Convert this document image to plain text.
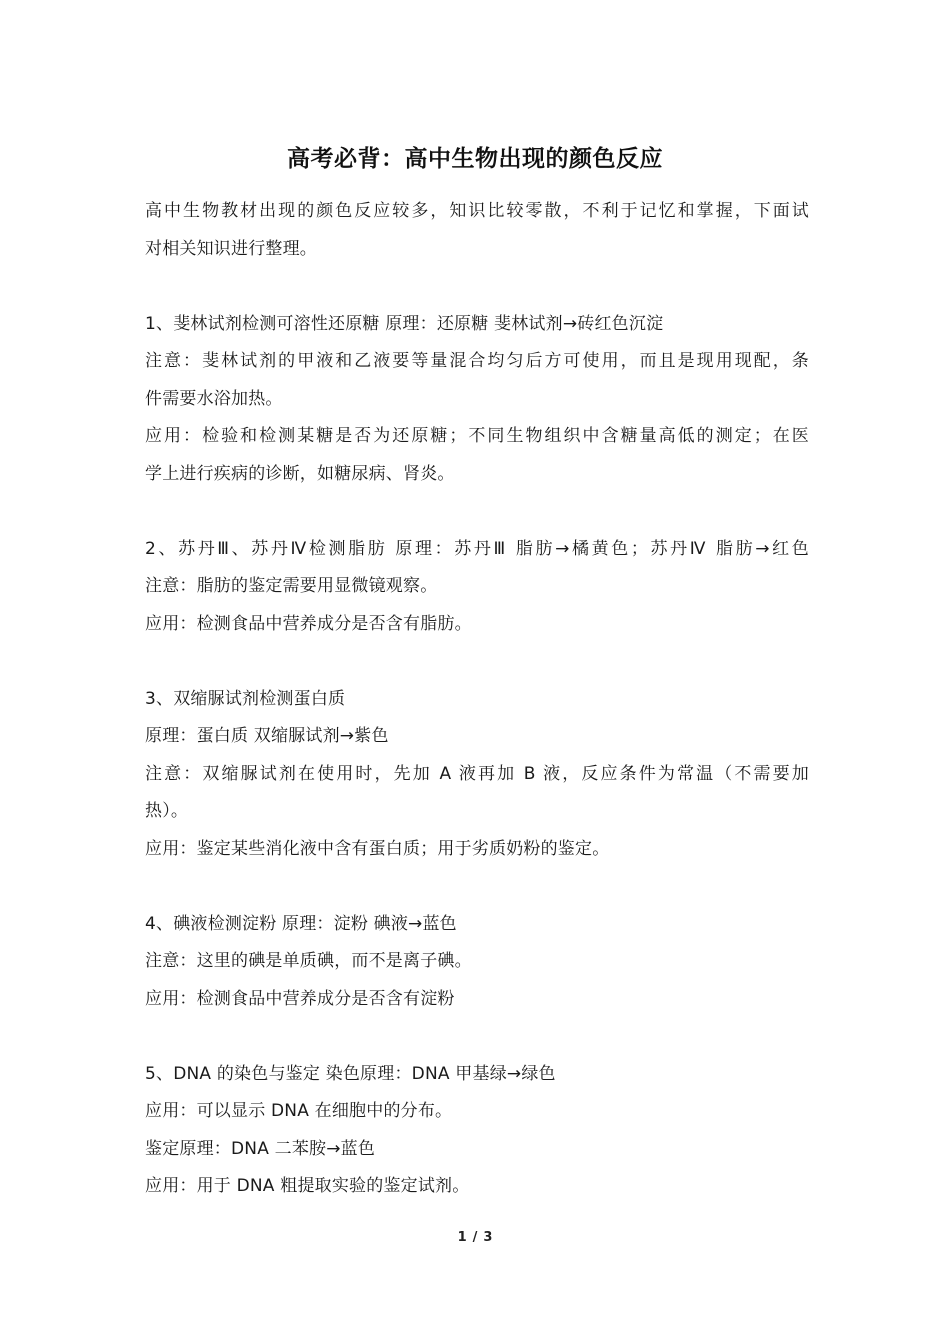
高考必背：高中生物出现的颜色反应
高中生物教材出现的颜色反应较多，知识比较零散，不利于记忆和掌握，下面试
对相关知识进行整理。
1、斐林试剂检测可溶性还原糖 原理：还原糖 斐林试剂→砖红色沉淀
注意：斐林试剂的甲液和乙液要等量混合均匀后方可使用，而且是现用现配，条
件需要水浴加热。
应用：检验和检测某糖是否为还原糖；不同生物组织中含糖量高低的测定；在医
学上进行疾病的诊断，如糖尿病、肾炎。
2、苏丹Ⅲ、苏丹Ⅳ检测脂肪 原理：苏丹Ⅲ 脂肪→橘黄色；苏丹Ⅳ 脂肪→红色
注意：脂肪的鉴定需要用显微镜观察。
应用：检测食品中营养成分是否含有脂肪。
3、双缩脲试剂检测蛋白质
原理：蛋白质 双缩脲试剂→紫色
注意：双缩脲试剂在使用时，先加 A 液再加 B 液，反应条件为常温（不需要加
热）。
应用：鉴定某些消化液中含有蛋白质；用于劣质奶粉的鉴定。
4、碘液检测淀粉 原理：淀粉 碘液→蓝色
注意：这里的碘是单质碘，而不是离子碘。
应用：检测食品中营养成分是否含有淀粉
5、DNA 的染色与鉴定 染色原理：DNA 甲基绿→绿色
应用：可以显示 DNA 在细胞中的分布。
鉴定原理：DNA 二苯胺→蓝色
应用：用于 DNA 粗提取实验的鉴定试剂。
1 / 3
